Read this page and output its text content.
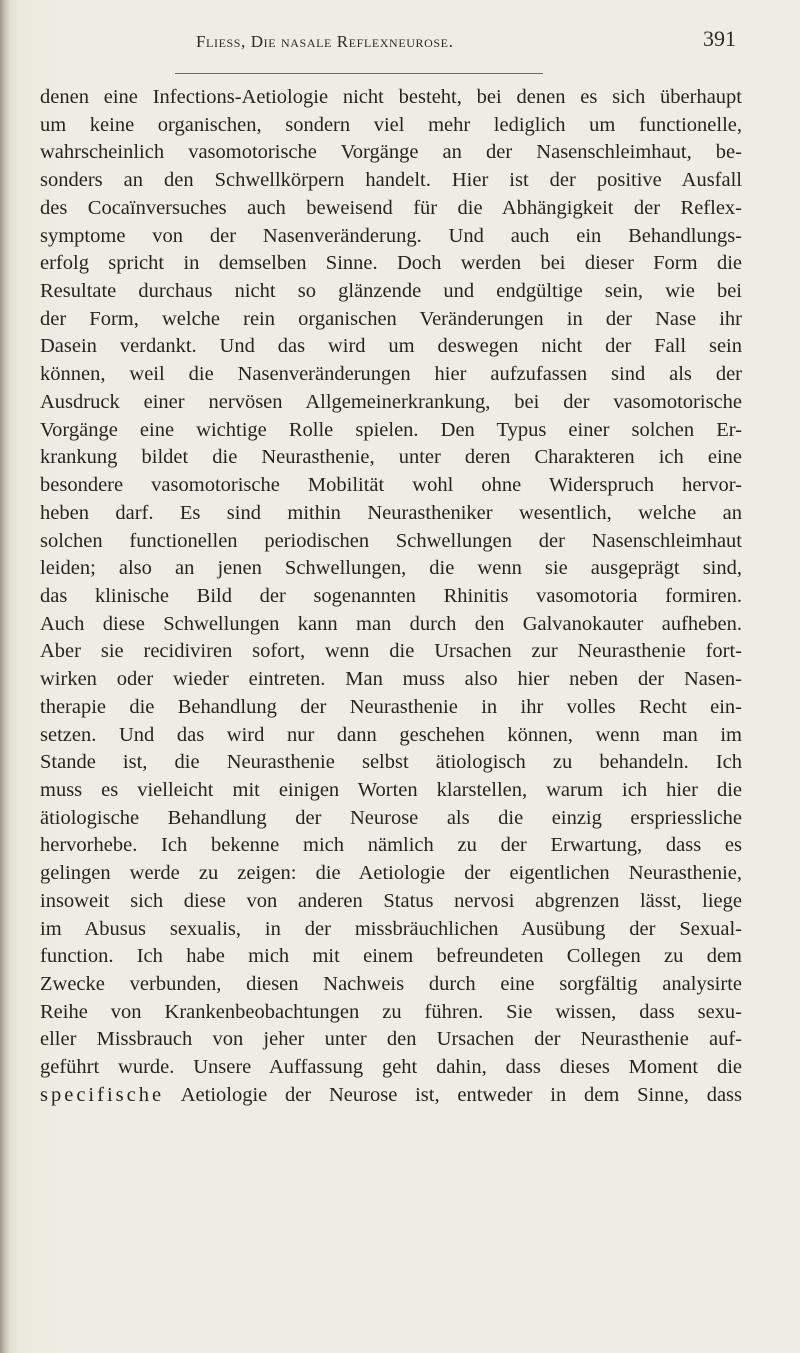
Fliess, Die nasale Reflexneurose.	391
denen eine Infections-Aetiologie nicht besteht, bei denen es sich überhaupt
um keine organischen, sondern viel mehr lediglich um functionelle,
wahrscheinlich vasomotorische Vorgänge an der Nasenschleimhaut, be-
sonders an den Schwellkörpern handelt. Hier ist der positive Ausfall
des Cocaïnversuches auch beweisend für die Abhängigkeit der Reflex-
symptome von der Nasenveränderung. Und auch ein Behandlungs-
erfolg spricht in demselben Sinne. Doch werden bei dieser Form die
Resultate durchaus nicht so glänzende und endgültige sein, wie bei
der Form, welche rein organischen Veränderungen in der Nase ihr
Dasein verdankt. Und das wird um deswegen nicht der Fall sein
können, weil die Nasenveränderungen hier aufzufassen sind als der
Ausdruck einer nervösen Allgemeinerkrankung, bei der vasomotorische
Vorgänge eine wichtige Rolle spielen. Den Typus einer solchen Er-
krankung bildet die Neurasthenie, unter deren Charakteren ich eine
besondere vasomotorische Mobilität wohl ohne Widerspruch hervor-
heben darf. Es sind mithin Neurastheniker wesentlich, welche an
solchen functionellen periodischen Schwellungen der Nasenschleimhaut
leiden; also an jenen Schwellungen, die wenn sie ausgeprägt sind,
das klinische Bild der sogenannten Rhinitis vasomotoria formiren.
Auch diese Schwellungen kann man durch den Galvanokauter aufheben.
Aber sie recidiviren sofort, wenn die Ursachen zur Neurasthenie fort-
wirken oder wieder eintreten. Man muss also hier neben der Nasen-
therapie die Behandlung der Neurasthenie in ihr volles Recht ein-
setzen. Und das wird nur dann geschehen können, wenn man im
Stande ist, die Neurasthenie selbst ätiologisch zu behandeln. Ich
muss es vielleicht mit einigen Worten klarstellen, warum ich hier die
ätiologische Behandlung der Neurose als die einzig erspriessliche
hervorhebe. Ich bekenne mich nämlich zu der Erwartung, dass es
gelingen werde zu zeigen: die Aetiologie der eigentlichen Neurasthenie,
insoweit sich diese von anderen Status nervosi abgrenzen lässt, liege
im Abusus sexualis, in der missbräuchlichen Ausübung der Sexual-
function. Ich habe mich mit einem befreundeten Collegen zu dem
Zwecke verbunden, diesen Nachweis durch eine sorgfältig analysirte
Reihe von Krankenbeobachtungen zu führen. Sie wissen, dass sexu-
eller Missbrauch von jeher unter den Ursachen der Neurasthenie auf-
geführt wurde. Unsere Auffassung geht dahin, dass dieses Moment die
specifische Aetiologie der Neurose ist, entweder in dem Sinne, dass
